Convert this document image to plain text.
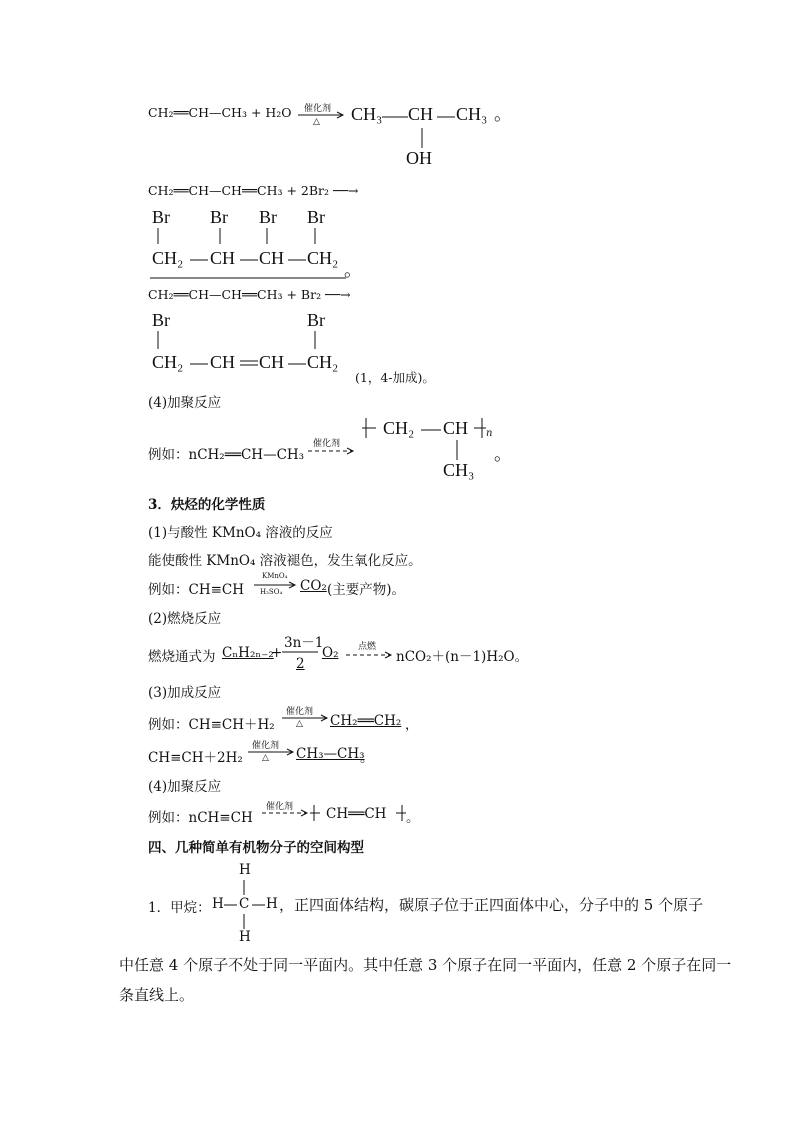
CH₂══CH—CH₃ + H₂O 催化剂
△ → CH₃ CH CH₃ 。
OH
CH₂══CH—CH══CH₃ + 2Br₂ ──→
Br Br Br Br
CH₂ CH CH CH₂
。
CH₂══CH—CH══CH₃ + Br₂ ──→
Br	Br
CH₂ CH CH CH₂
(1，4-加成)。
(4)加聚反应
例如：nCH₂══CH—CH₃
催化剂
CH₂ CH n
CH₃
。
3．炔烃的化学性质
(1)与酸性 KMnO₄ 溶液的反应
能使酸性 KMnO₄ 溶液褪色，发生氧化反应。
例如：CH≡CH
KMnO₄
H₂SO₄ → CO₂ (主要产物)。
(2)燃烧反应
燃烧通式为 CₙH₂ₙ₋₂
+
3n－1
2
O₂ 点燃
→ nCO₂＋(n－1)H₂O。
(3)加成反应
例如：CH≡CH＋H₂
催化剂
△ CH₂══CH₂ ，
CH≡CH＋2H₂
催化剂
△ CH₃—CH₃
。
(4)加聚反应
例如：nCH≡CH
催化剂 → CH══CH 。
四、几种简单有机物分子的空间构型
1．甲烷：
H
H C H
H
，正四面体结构，碳原子位于正四面体中心，分子中的 5 个原子
中任意 4 个原子不处于同一平面内。其中任意 3 个原子在同一平面内，任意 2 个原子在同一
条直线上。
